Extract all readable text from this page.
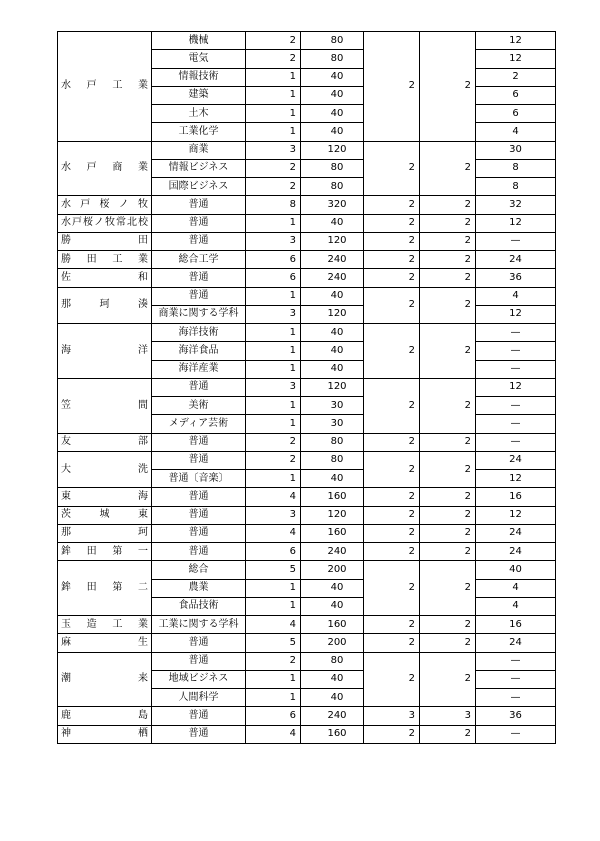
水 戸 工 業	機械	2	80	2	2	12
	電気	2	80			12
	情報技術	1	40			2
	建築	1	40			6
	土木	1	40			6
	工業化学	1	40			4
水 戸 商 業	商業	3	120	2	2	30
	情報ビジネス	2	80			8
	国際ビジネス	2	80			8
水 戸 桜 ノ 牧	普通	8	320	2	2	32
水戸桜ノ牧常北校	普通	1	40	2	2	12
勝 田	普通	3	120	2	2	—
勝 田 工 業	総合工学	6	240	2	2	24
佐 和	普通	6	240	2	2	36
那 珂 湊	普通	1	40	2	2	4
	商業に関する学科	3	120			12
海 洋	海洋技術	1	40	2	2	—
	海洋食品	1	40			—
	海洋産業	1	40			—
笠 間	普通	3	120	2	2	12
	美術	1	30			—
	メディア芸術	1	30			—
友 部	普通	2	80	2	2	—
大 洗	普通	2	80	2	2	24
	普通〔音楽〕	1	40			12
東 海	普通	4	160	2	2	16
茨 城 東	普通	3	120	2	2	12
那 珂	普通	4	160	2	2	24
鉾 田 第 一	普通	6	240	2	2	24
鉾 田 第 二	総合	5	200	2	2	40
	農業	1	40			4
	食品技術	1	40			4
玉 造 工 業	工業に関する学科	4	160	2	2	16
麻 生	普通	5	200	2	2	24
潮 来	普通	2	80	2	2	—
	地域ビジネス	1	40			—
	人間科学	1	40			—
鹿 島	普通	6	240	3	3	36
神 栖	普通	4	160	2	2	—
